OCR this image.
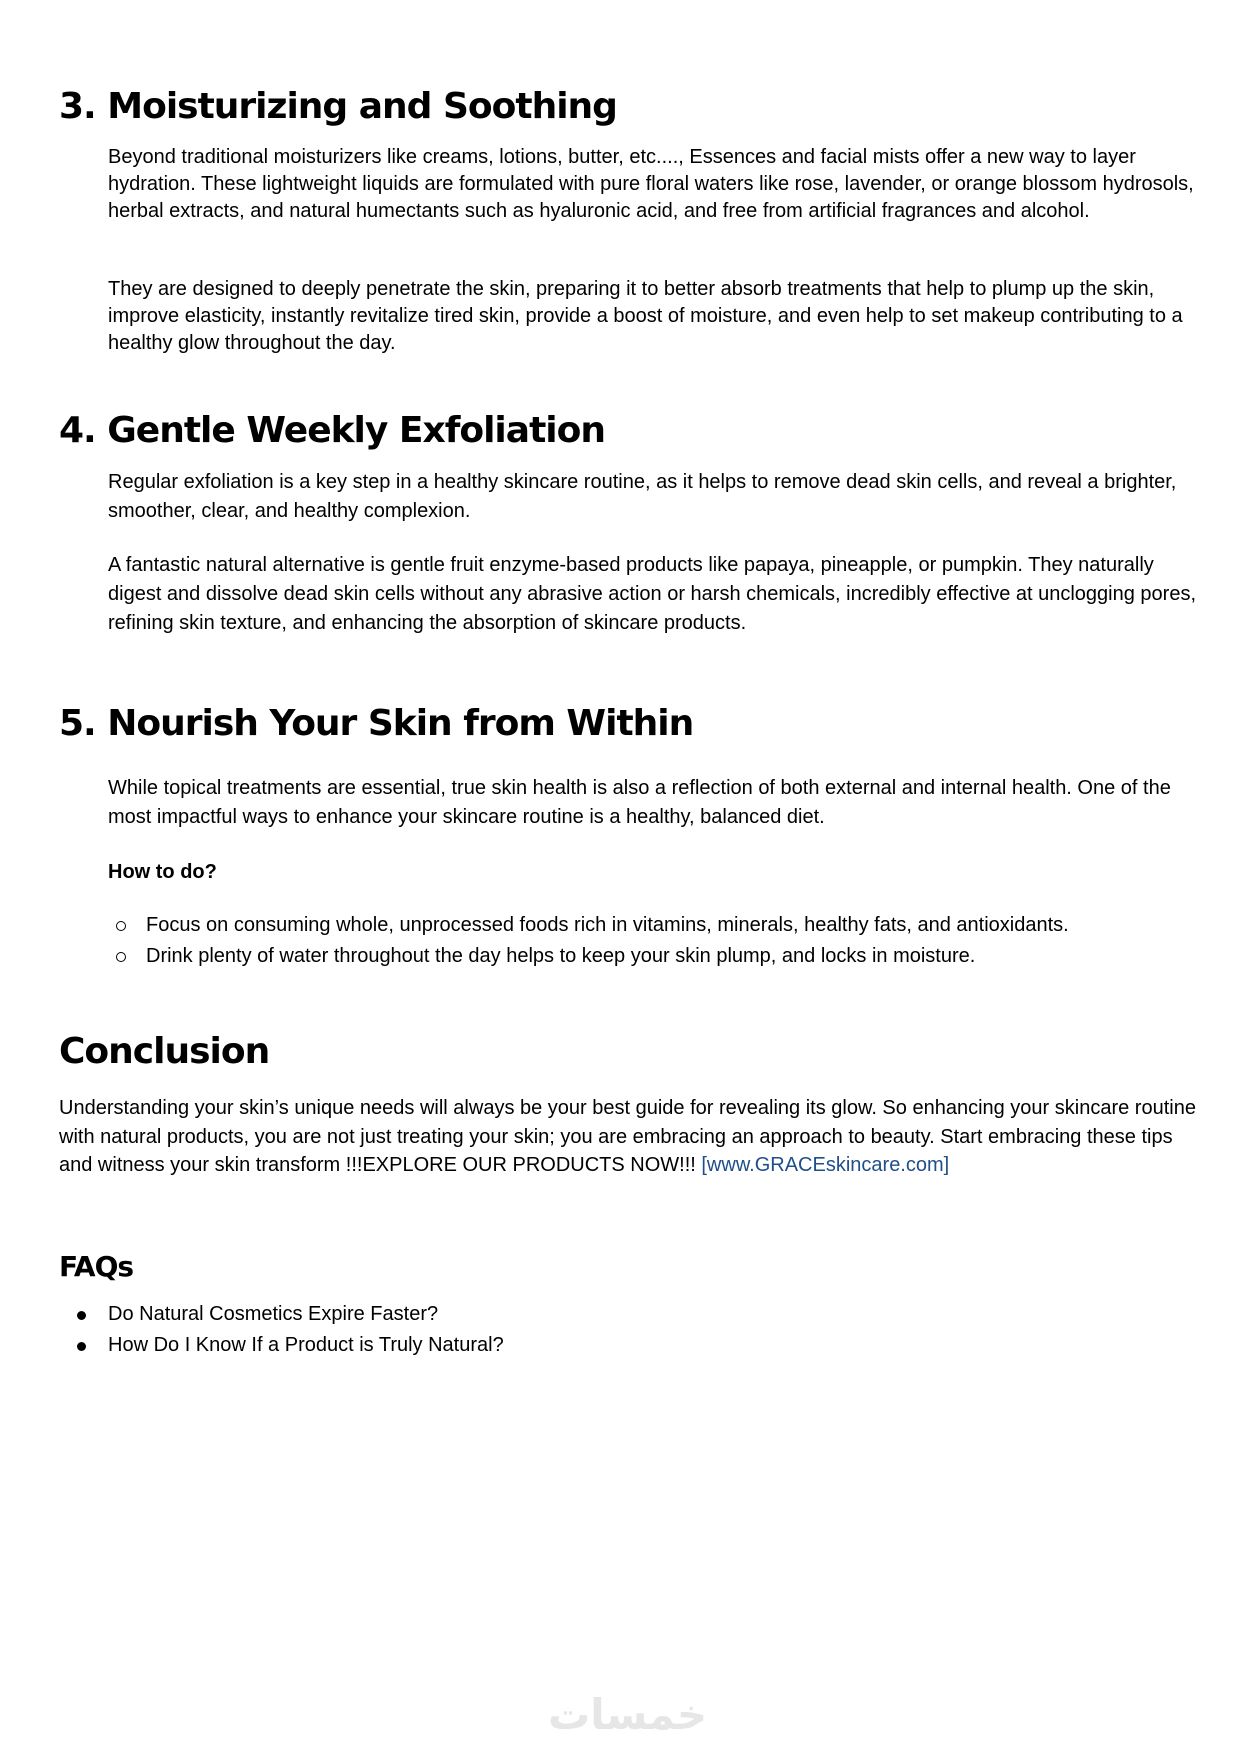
3. Moisturizing and Soothing

Beyond traditional moisturizers like creams, lotions, butter, etc...., Essences and facial mists offer a new way to layer hydration. These lightweight liquids are formulated with pure floral waters like rose, lavender, or orange blossom hydrosols, herbal extracts, and natural humectants such as hyaluronic acid, and free from artificial fragrances and alcohol.

They are designed to deeply penetrate the skin, preparing it to better absorb treatments that help to plump up the skin, improve elasticity, instantly revitalize tired skin, provide a boost of moisture, and even help to set makeup contributing to a healthy glow throughout the day.

4. Gentle Weekly Exfoliation

Regular exfoliation is a key step in a healthy skincare routine, as it helps to remove dead skin cells, and reveal a brighter, smoother, clear, and healthy complexion.

A fantastic natural alternative is gentle fruit enzyme-based products like papaya, pineapple, or pumpkin. They naturally digest and dissolve dead skin cells without any abrasive action or harsh chemicals, incredibly effective at unclogging pores, refining skin texture, and enhancing the absorption of skincare products.

5. Nourish Your Skin from Within

While topical treatments are essential, true skin health is also a reflection of both external and internal health. One of the most impactful ways to enhance your skincare routine is a healthy, balanced diet.

How to do?

Focus on consuming whole, unprocessed foods rich in vitamins, minerals, healthy fats, and antioxidants.
Drink plenty of water throughout the day helps to keep your skin plump, and locks in moisture.
Conclusion

Understanding your skin’s unique needs will always be your best guide for revealing its glow. So enhancing your skincare routine with natural products, you are not just treating your skin; you are embracing an approach to beauty. Start embracing these tips and witness your skin transform !!!EXPLORE OUR PRODUCTS NOW!!! [www.GRACEskincare.com]

FAQs
Do Natural Cosmetics Expire Faster?
How Do I Know If a Product is Truly Natural?
خمسات
